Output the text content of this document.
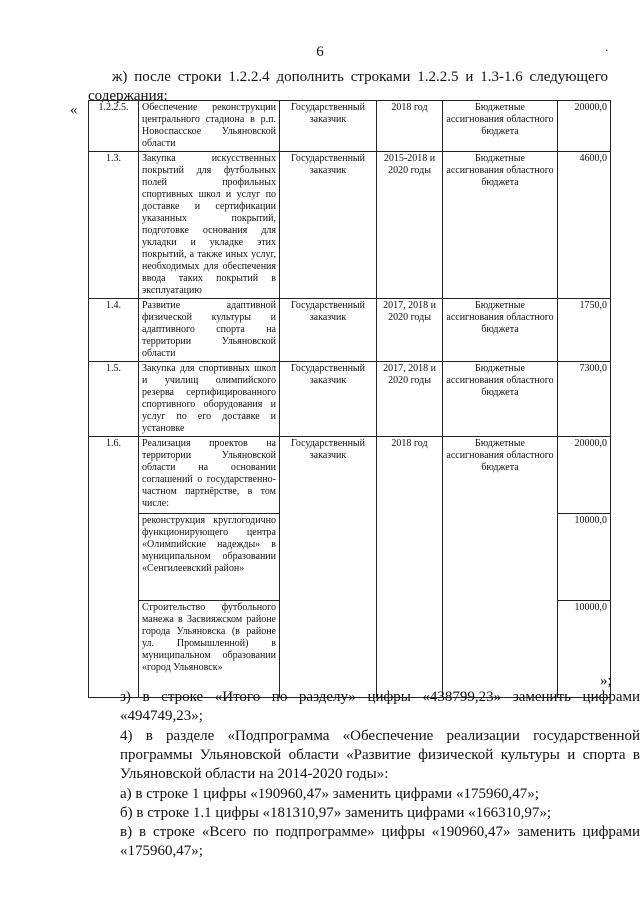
6	·
ж) после строки 1.2.2.4 дополнить строками 1.2.2.5 и 1.3-1.6 следующего
содержания:
« 1.2.2.5.	Обеспечение реконструкции центрального стадиона в р.п. Новоспасское Ульяновской области	Государственный заказчик	2018 год	Бюджетные ассигнования областного бюджета	20000,0
1.3.	Закупка искусственных покрытий для футбольных полей профильных спортивных школ и услуг по доставке и сертификации указанных покрытий, подготовке основания для укладки и укладке этих покрытий, а также иных услуг, необходимых для обеспечения ввода таких покрытий в эксплуатацию	Государственный заказчик	2015-2018 и 2020 годы	Бюджетные ассигнования областного бюджета	4600,0
1.4.	Развитие адаптивной физической культуры и адаптивного спорта на территории Ульяновской области	Государственный заказчик	2017, 2018 и 2020 годы	Бюджетные ассигнования областного бюджета	1750,0
1.5.	Закупка для спортивных школ и училищ олимпийского резерва сертифицированного спортивного оборудования и услуг по его доставке и установке	Государственный заказчик	2017, 2018 и 2020 годы	Бюджетные ассигнования областного бюджета	7300,0
1.6.	Реализация проектов на территории Ульяновской области на основании соглашений о государственно-частном партнёрстве, в том числе:	Государственный заказчик	2018 год	Бюджетные ассигнования областного бюджета	20000,0
	реконструкция круглогодично функционирующего центра «Олимпийские надежды» в муниципальном образовании «Сенгилеевский район»				10000,0
	Строительство футбольного манежа в Засвияжском районе города Ульяновска (в районе ул. Промышленной) в муниципальном образовании «город Ульяновск»				10000,0
»;
з) в строке «Итого по разделу» цифры «438799,23» заменить цифрами «494749,23»;
4) в разделе «Подпрограмма «Обеспечение реализации государственной программы Ульяновской области «Развитие физической культуры и спорта в Ульяновской области на 2014-2020 годы»:
а) в строке 1 цифры «190960,47» заменить цифрами «175960,47»;
б) в строке 1.1 цифры «181310,97» заменить цифрами «166310,97»;
в) в строке «Всего по подпрограмме» цифры «190960,47» заменить цифрами «175960,47»;
